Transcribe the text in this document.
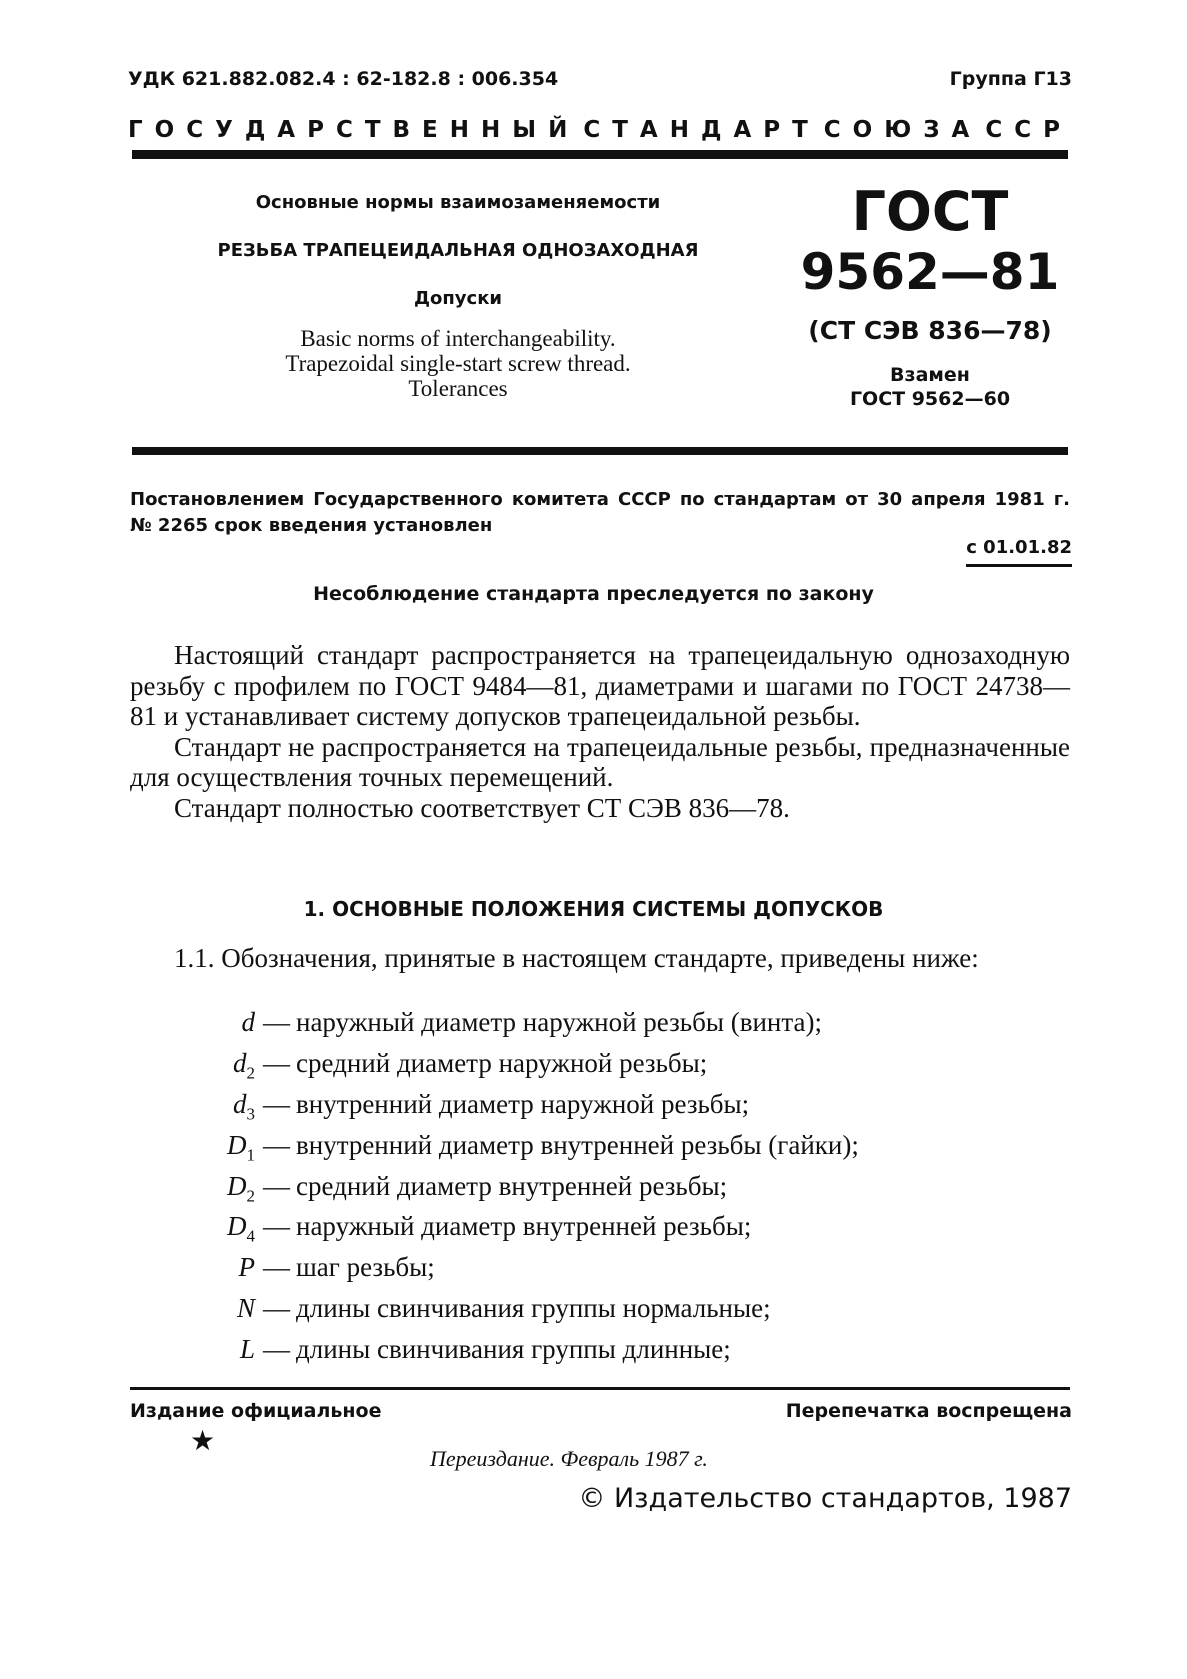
УДК 621.882.082.4 : 62-182.8 : 006.354	Группа Г13
ГОСУДАРСТВЕННЫЙ СТАНДАРТ СОЮЗА ССР

Основные нормы взаимозаменяемости

РЕЗЬБА ТРАПЕЦЕИДАЛЬНАЯ ОДНОЗАХОДНАЯ

Допуски

Basic norms of interchangeability.

Trapezoidal single-start screw thread.

Tolerances

ГОСТ

9562—81

(СТ СЭВ 836—78)

Взамен

ГОСТ 9562—60

Постановлением Государственного комитета СССР по стандартам от 30 апреля 1981 г. № 2265 срок введения установлен
с 01.01.82
Несоблюдение стандарта преследуется по закону

Настоящий стандарт распространяется на трапецеидальную однозаходную резьбу с профилем по ГОСТ 9484—81, диаметрами и шагами по ГОСТ 24738—81 и устанавливает систему допусков трапецеидальной резьбы.

Стандарт не распространяется на трапецеидальные резьбы, предназначенные для осуществления точных перемещений.

Стандарт полностью соответствует СТ СЭВ 836—78.

1. ОСНОВНЫЕ ПОЛОЖЕНИЯ СИСТЕМЫ ДОПУСКОВ

1.1. Обозначения, принятые в настоящем стандарте, приведены ниже:

d — наружный диаметр наружной резьбы (винта);
$d_2$ — средний диаметр наружной резьбы;
$d_3$ — внутренний диаметр наружной резьбы;
$D_1$ — внутренний диаметр внутренней резьбы (гайки);
$D_2$ — средний диаметр внутренней резьбы;
$D_4$ — наружный диаметр внутренней резьбы;
P — шаг резьбы;
N — длины свинчивания группы нормальные;
L — длины свинчивания группы длинные;
Издание официальное	Перепечатка воспрещена
★
Переиздание. Февраль 1987 г.
© Издательство стандартов, 1987
